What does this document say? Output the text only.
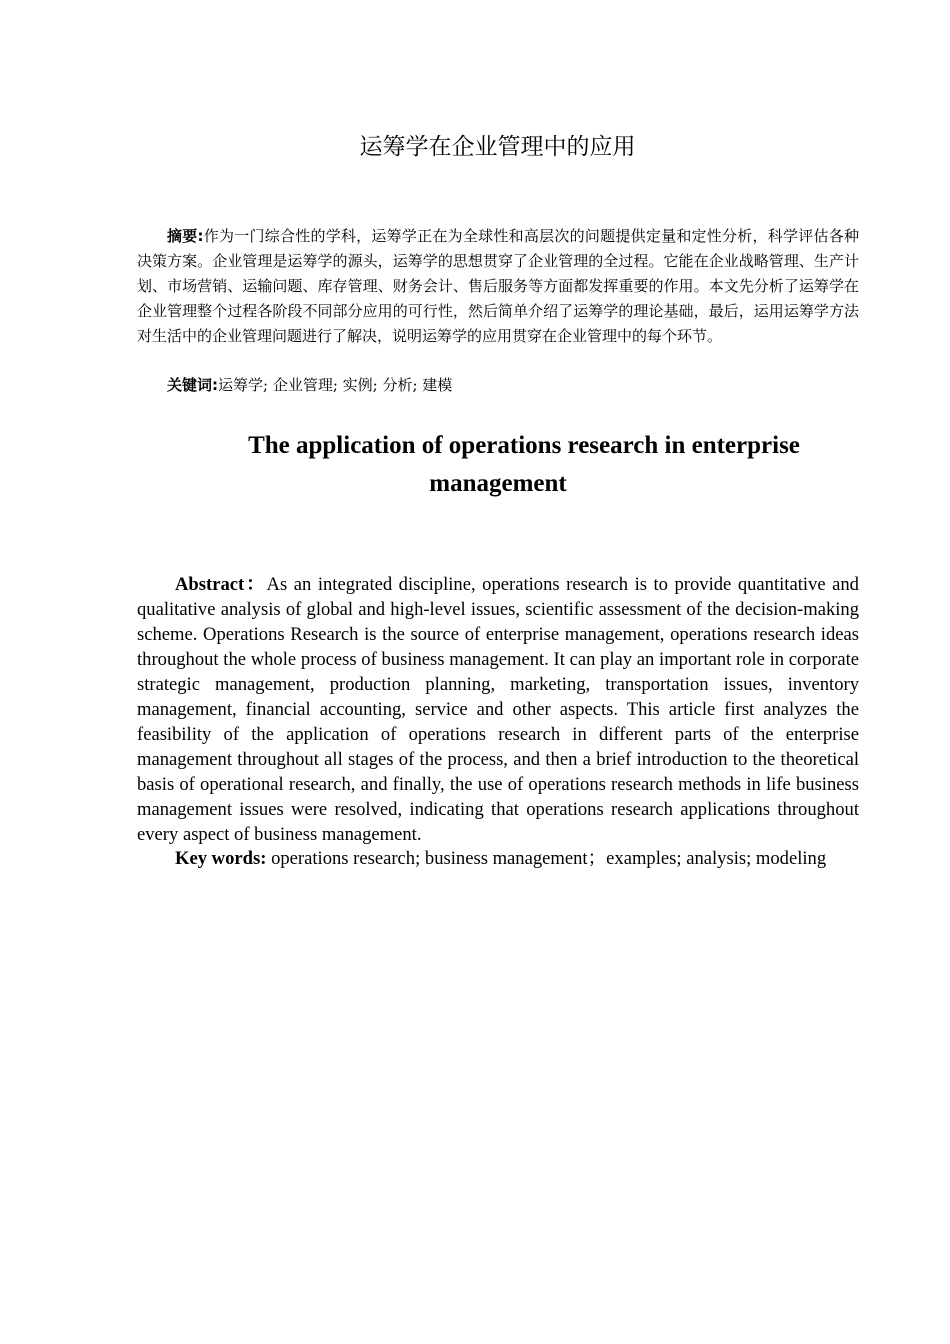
运筹学在企业管理中的应用

摘要:作为一门综合性的学科，运筹学正在为全球性和高层次的问题提供定量和定性分析，科学评估各种决策方案。企业管理是运筹学的源头，运筹学的思想贯穿了企业管理的全过程。它能在企业战略管理、生产计划、市场营销、运输问题、库存管理、财务会计、售后服务等方面都发挥重要的作用。本文先分析了运筹学在企业管理整个过程各阶段不同部分应用的可行性，然后简单介绍了运筹学的理论基础，最后，运用运筹学方法对生活中的企业管理问题进行了解决，说明运筹学的应用贯穿在企业管理中的每个环节。

关键词:运筹学; 企业管理; 实例; 分析; 建模

The application of operations research in enterprise
management

Abstract：As an integrated discipline, operations research is to provide quantitative and qualitative analysis of global and high-level issues, scientific assessment of the decision-making scheme. Operations Research is the source of enterprise management, operations research ideas throughout the whole process of business management. It can play an important role in corporate strategic management, production planning, marketing, transportation issues, inventory management, financial accounting, service and other aspects. This article first analyzes the feasibility of the application of operations research in different parts of the enterprise management throughout all stages of the process, and then a brief introduction to the theoretical basis of operational research, and finally, the use of operations research methods in life business management issues were resolved, indicating that operations research applications throughout every aspect of business management.

Key words: operations research; business management；examples; analysis; modeling
